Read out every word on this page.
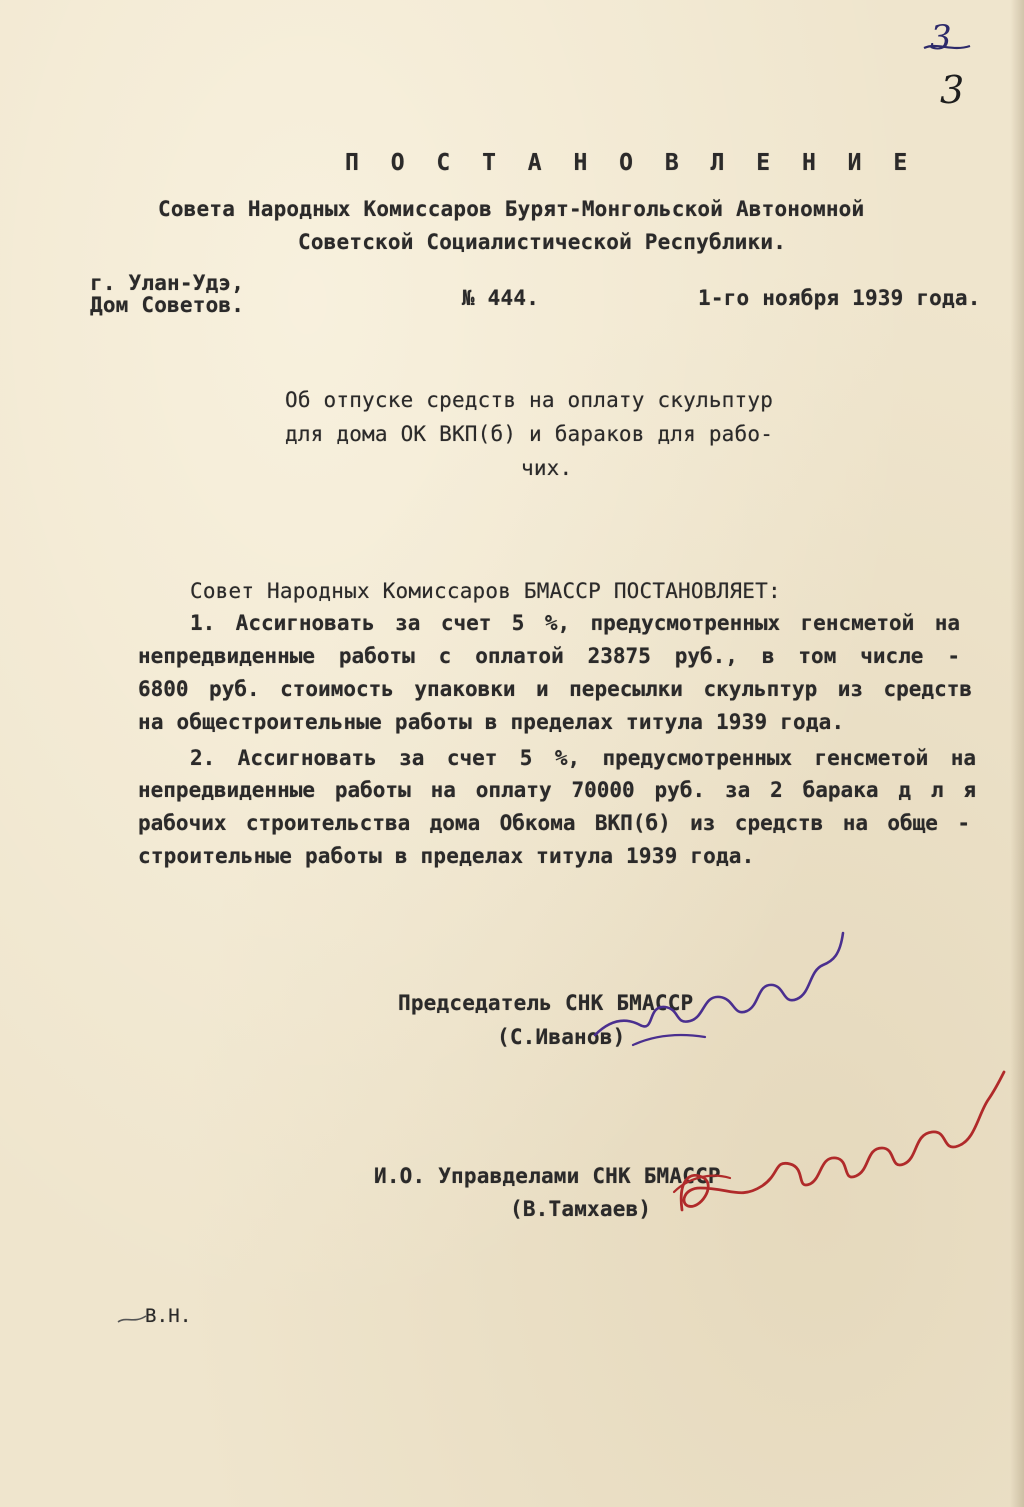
3
3
П О С Т А Н О В Л Е Н И Е
Совета Народных Комиссаров Бурят-Монгольской Автономной
Советской Социалистической Республики.
г. Улан-Удэ,
Дом Советов.	№ 444.	1-го ноября 1939 года.
Об отпуске средств на оплату скульптур
для дома ОК ВКП(б) и бараков для рабо-
чих.
Совет Народных Комиссаров БМАССР ПОСТАНОВЛЯЕТ:
1. Ассигновать за счет 5 %, предусмотренных генсметой на
непредвиденные работы с оплатой 23875 руб., в том числе -
6800 руб. стоимость упаковки и пересылки скульптур из средств
на общестроительные работы в пределах титула 1939 года.
2. Ассигновать за счет 5 %, предусмотренных генсметой на
непредвиденные работы на оплату 70000 руб. за 2 барака д л я
рабочих строительства дома Обкома ВКП(б) из средств на обще -
строительные работы в пределах титула 1939 года.
Председатель СНК БМАССР
(С.Иванов)
И.О. Управделами СНК БМАССР
(В.Тамхаев)
В.Н.
